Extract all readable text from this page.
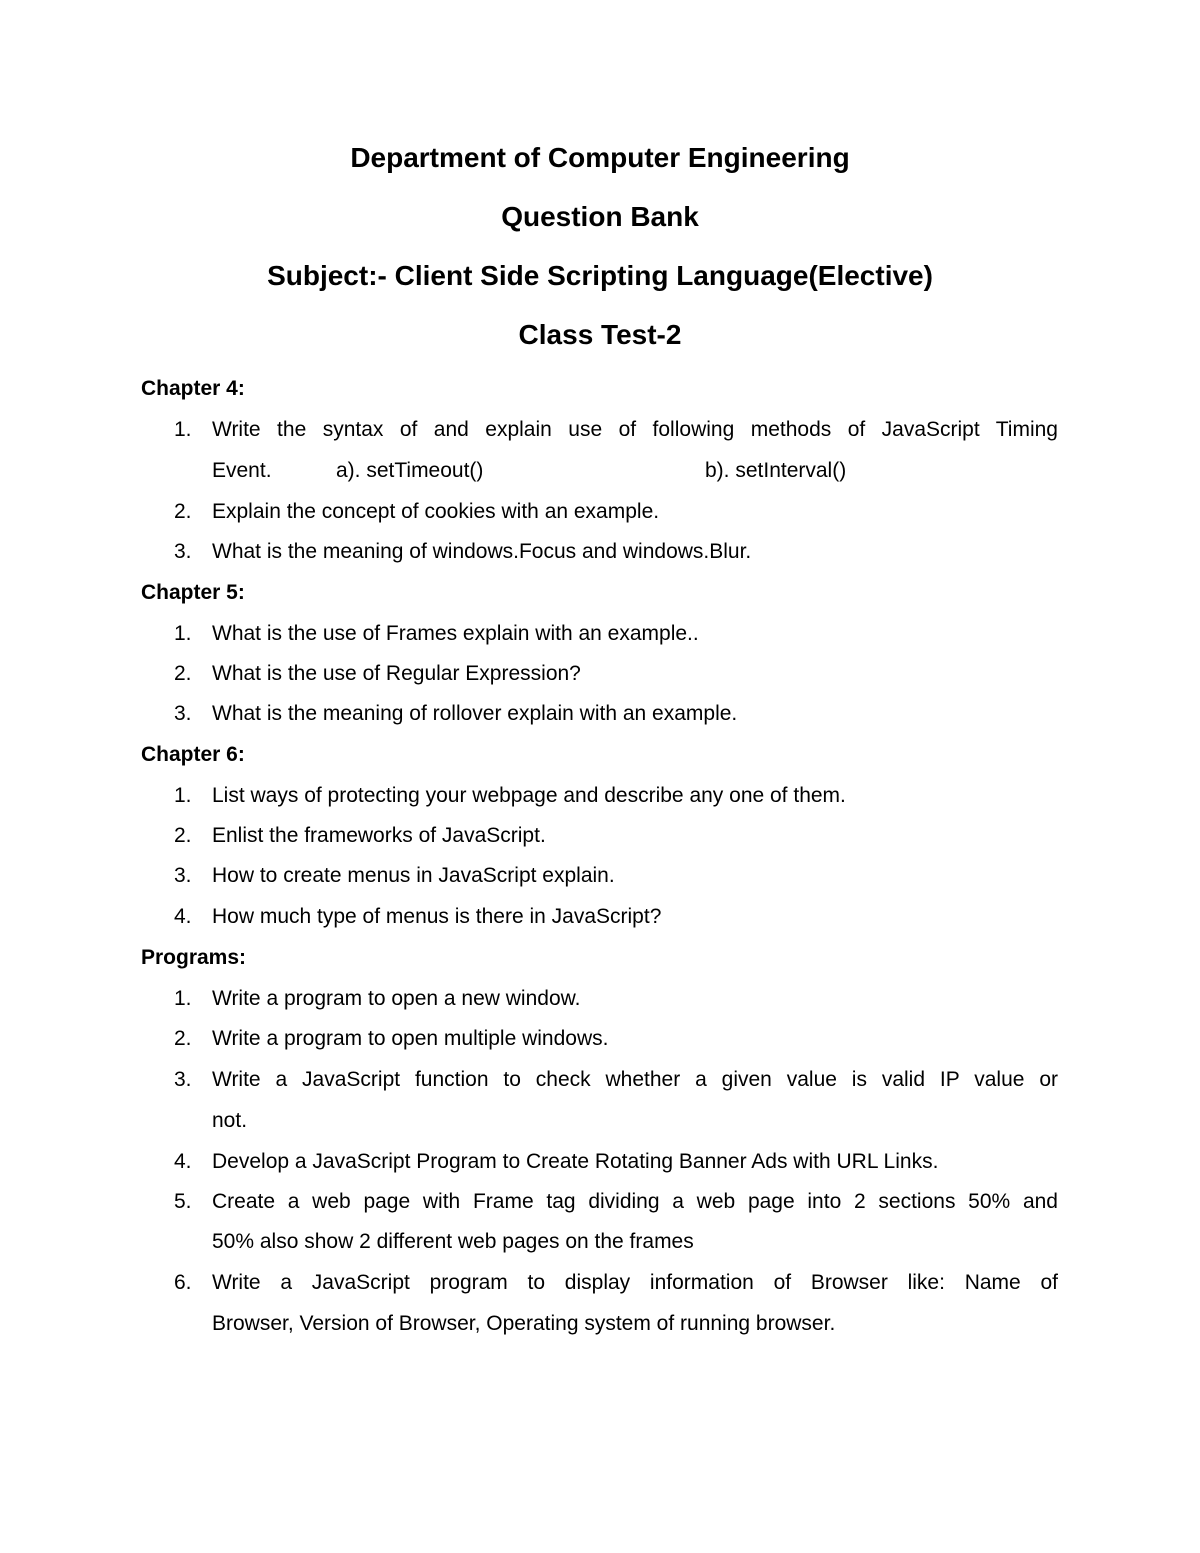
Department of Computer Engineering
Question Bank
Subject:- Client Side Scripting Language(Elective)
Class Test-2
Chapter 4:
1. Write the syntax of and explain use of following methods of JavaScript Timing
Event.	a). setTimeout()	b). setInterval()
2. Explain the concept of cookies with an example.
3. What is the meaning of windows.Focus and windows.Blur.
Chapter 5:
1. What is the use of Frames explain with an example..
2. What is the use of Regular Expression?
3. What is the meaning of rollover explain with an example.
Chapter 6:
1. List ways of protecting your webpage and describe any one of them.
2. Enlist the frameworks of JavaScript.
3. How to create menus in JavaScript explain.
4. How much type of menus is there in JavaScript?
Programs:
1. Write a program to open a new window.
2. Write a program to open multiple windows.
3. Write a JavaScript function to check whether a given value is valid IP value or
not.
4. Develop a JavaScript Program to Create Rotating Banner Ads with URL Links.
5. Create a web page with Frame tag dividing a web page into 2 sections 50% and
50% also show 2 different web pages on the frames
6. Write a JavaScript program to display information of Browser like: Name of
Browser, Version of Browser, Operating system of running browser.
